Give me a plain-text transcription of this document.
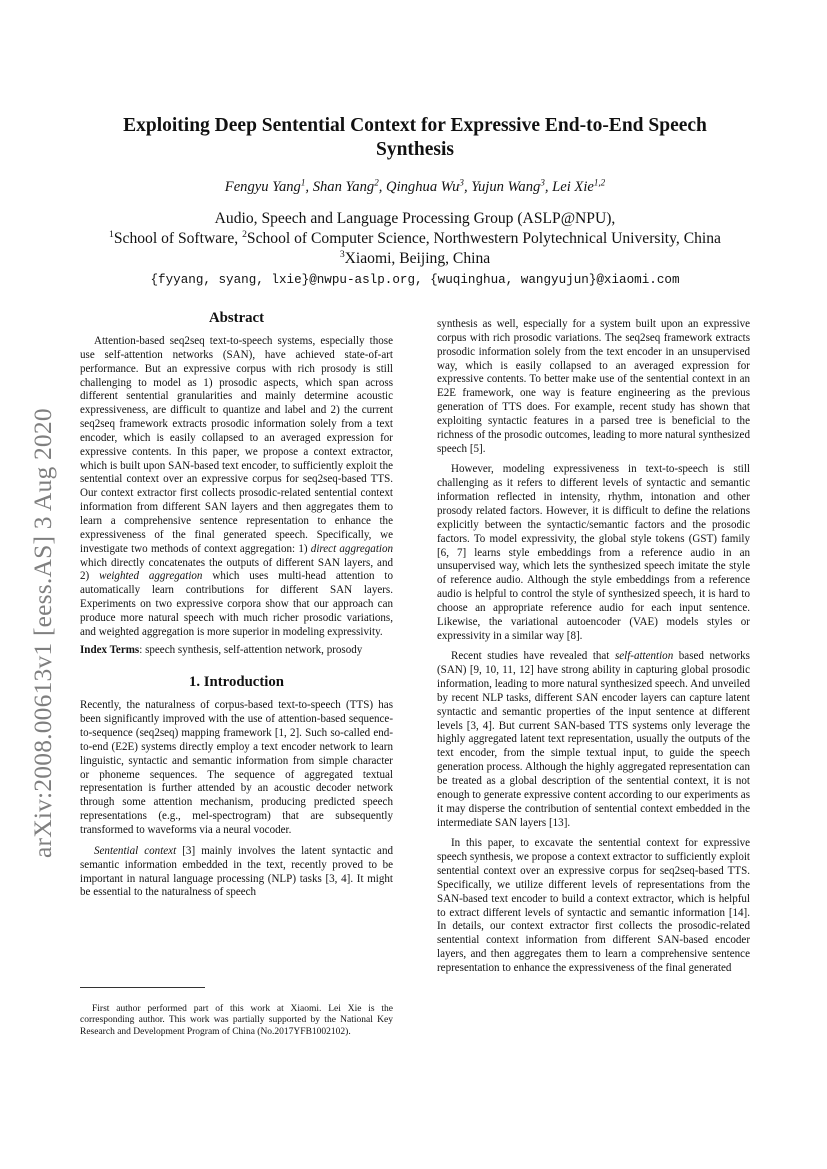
arXiv:2008.00613v1 [eess.AS] 3 Aug 2020
Exploiting Deep Sentential Context for Expressive End-to-End Speech
Synthesis
Fengyu Yang$^1$, Shan Yang$^2$, Qinghua Wu$^3$, Yujun Wang$^3$, Lei Xie$^{1,2}$
Audio, Speech and Language Processing Group (ASLP@NPU),
$^1$School of Software, $^2$School of Computer Science, Northwestern Polytechnical University, China
$^3$Xiaomi, Beijing, China
{fyyang, syang, lxie}@nwpu-aslp.org, {wuqinghua, wangyujun}@xiaomi.com
Abstract

Attention-based seq2seq text-to-speech systems, especially those use self-attention networks (SAN), have achieved state-of-art performance. But an expressive corpus with rich prosody is still challenging to model as 1) prosodic aspects, which span across different sentential granularities and mainly determine acoustic expressiveness, are difficult to quantize and label and 2) the current seq2seq framework extracts prosodic information solely from a text encoder, which is easily collapsed to an averaged expression for expressive contents. In this paper, we propose a context extractor, which is built upon SAN-based text encoder, to sufficiently exploit the sentential context over an expressive corpus for seq2seq-based TTS. Our context extractor first collects prosodic-related sentential context information from different SAN layers and then aggregates them to learn a comprehensive sentence representation to enhance the expressiveness of the final generated speech. Specifically, we investigate two methods of context aggregation: 1) direct aggregation which directly concatenates the outputs of different SAN layers, and 2) weighted aggregation which uses multi-head attention to automatically learn contributions for different SAN layers. Experiments on two expressive corpora show that our approach can produce more natural speech with much richer prosodic variations, and weighted aggregation is more superior in modeling expressivity.

Index Terms: speech synthesis, self-attention network, prosody

1. Introduction

Recently, the naturalness of corpus-based text-to-speech (TTS) has been significantly improved with the use of attention-based sequence-to-sequence (seq2seq) mapping framework [1, 2]. Such so-called end-to-end (E2E) systems directly employ a text encoder network to learn linguistic, syntactic and semantic information from simple character or phoneme sequences. The sequence of aggregated textual representation is further attended by an acoustic decoder network through some attention mechanism, producing predicted speech representations (e.g., mel-spectrogram) that are subsequently transformed to waveforms via a neural vocoder.

Sentential context [3] mainly involves the latent syntactic and semantic information embedded in the text, recently proved to be important in natural language processing (NLP) tasks [3, 4]. It might be essential to the naturalness of speech

First author performed part of this work at Xiaomi. Lei Xie is the corresponding author. This work was partially supported by the National Key Research and Development Program of China (No.2017YFB1002102).

synthesis as well, especially for a system built upon an expressive corpus with rich prosodic variations. The seq2seq framework extracts prosodic information solely from the text encoder in an unsupervised way, which is easily collapsed to an averaged expression for expressive contents. To better make use of the sentential context in an E2E framework, one way is feature engineering as the previous generation of TTS does. For example, recent study has shown that exploiting syntactic features in a parsed tree is beneficial to the richness of the prosodic outcomes, leading to more natural synthesized speech [5].

However, modeling expressiveness in text-to-speech is still challenging as it refers to different levels of syntactic and semantic information reflected in intensity, rhythm, intonation and other prosody related factors. However, it is difficult to define the relations explicitly between the syntactic/semantic factors and the prosodic factors. To model expressivity, the global style tokens (GST) family [6, 7] learns style embeddings from a reference audio in an unsupervised way, which lets the synthesized speech imitate the style of reference audio. Although the style embeddings from a reference audio is helpful to control the style of synthesized speech, it is hard to choose an appropriate reference audio for each input sentence. Likewise, the variational autoencoder (VAE) models styles or expressivity in a similar way [8].

Recent studies have revealed that self-attention based networks (SAN) [9, 10, 11, 12] have strong ability in capturing global prosodic information, leading to more natural synthesized speech. And unveiled by recent NLP tasks, different SAN encoder layers can capture latent syntactic and semantic properties of the input sentence at different levels [3, 4]. But current SAN-based TTS systems only leverage the highly aggregated latent text representation, usually the outputs of the text encoder, from the simple textual input, to guide the speech generation process. Although the highly aggregated representation can be treated as a global description of the sentential context, it is not enough to generate expressive content according to our experiments as it may disperse the contribution of sentential context embedded in the intermediate SAN layers [13].

In this paper, to excavate the sentential context for expressive speech synthesis, we propose a context extractor to sufficiently exploit sentential context over an expressive corpus for seq2seq-based TTS. Specifically, we utilize different levels of representations from the SAN-based text encoder to build a context extractor, which is helpful to extract different levels of syntactic and semantic information [14]. In details, our context extractor first collects the prosodic-related sentential context information from different SAN-based encoder layers, and then aggregates them to learn a comprehensive sentence representation to enhance the expressiveness of the final generated
